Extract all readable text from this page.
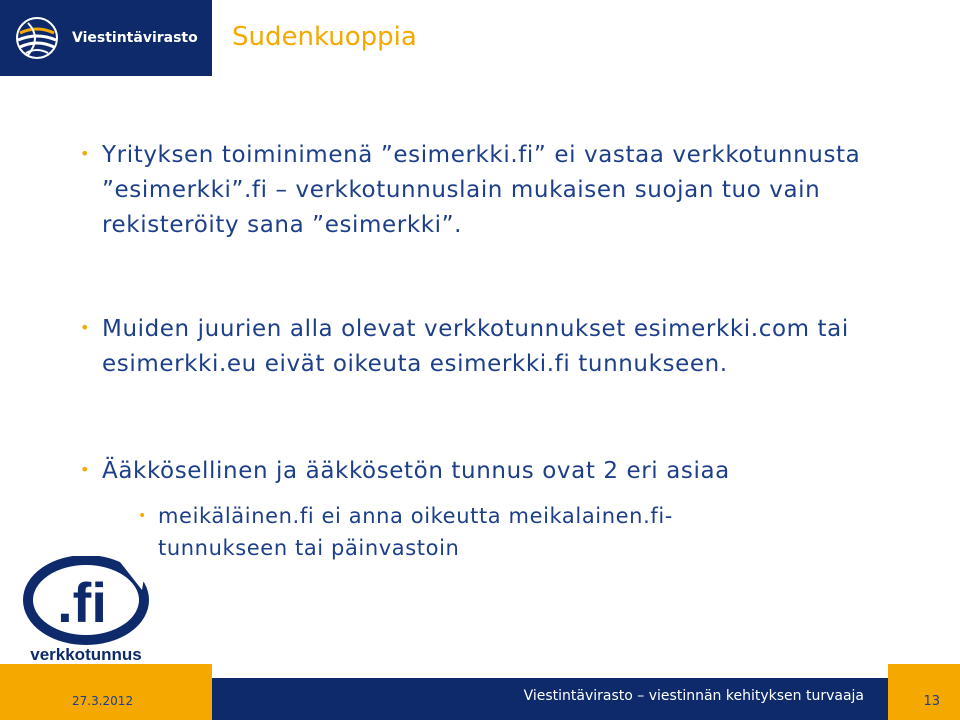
Viestintävirasto Sudenkuoppia
• Yrityksen toiminimenä ”esimerkki.fi” ei vastaa verkkotunnusta ”esimerkki”.fi – verkkotunnuslain mukaisen suojan tuo vain rekisteröity sana ”esimerkki”.
• Muiden juurien alla olevat verkkotunnukset esimerkki.com tai esimerkki.eu eivät oikeuta esimerkki.fi tunnukseen.
• Ääkkösellinen ja ääkkösetön tunnus ovat 2 eri asiaa
• meikäläinen.fi ei anna oikeutta meikalainen.fi-tunnukseen tai päinvastoin
.fi
verkkotunnus
27.3.2012	Viestintävirasto – viestinnän kehityksen turvaaja	13
